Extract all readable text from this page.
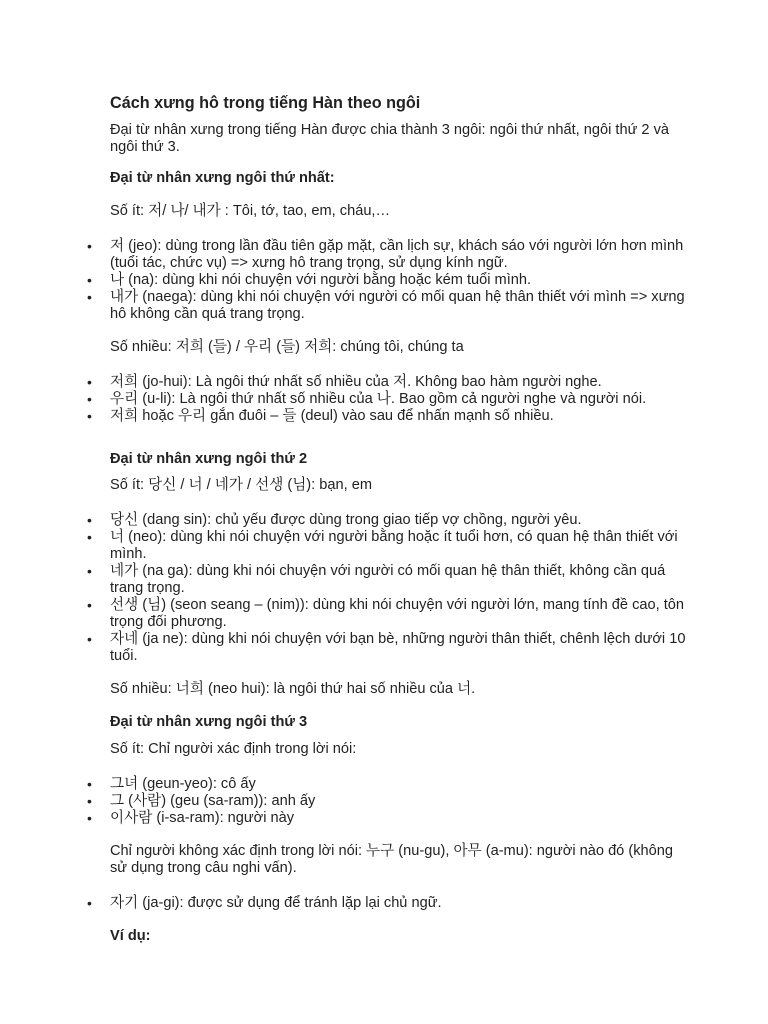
Cách xưng hô trong tiếng Hàn theo ngôi

Đại từ nhân xưng trong tiếng Hàn được chia thành 3 ngôi: ngôi thứ nhất, ngôi thứ 2 và ngôi thứ 3.

Đại từ nhân xưng ngôi thứ nhất:

Số ít: 저/ 나/ 내가 : Tôi, tớ, tao, em, cháu,…

• 저 (jeo): dùng trong lần đầu tiên gặp mặt, cần lịch sự, khách sáo với người lớn hơn mình (tuổi tác, chức vụ) => xưng hô trang trọng, sử dụng kính ngữ.
• 나 (na): dùng khi nói chuyện với người bằng hoặc kém tuổi mình.
• 내가 (naega): dùng khi nói chuyện với người có mối quan hệ thân thiết với mình => xưng hô không cần quá trang trọng.

Số nhiều: 저희 (들) / 우리 (들) 저희: chúng tôi, chúng ta

• 저희 (jo-hui): Là ngôi thứ nhất số nhiều của 저. Không bao hàm người nghe.
• 우리 (u-li): Là ngôi thứ nhất số nhiều của 나. Bao gồm cả người nghe và người nói.
• 저희 hoặc 우리 gắn đuôi – 들 (deul) vào sau để nhấn mạnh số nhiều.

Đại từ nhân xưng ngôi thứ 2

Số ít: 당신 / 너 / 네가 / 선생 (님): bạn, em

• 당신 (dang sin): chủ yếu được dùng trong giao tiếp vợ chồng, người yêu.
• 너 (neo): dùng khi nói chuyện với người bằng hoặc ít tuổi hơn, có quan hệ thân thiết với mình.
• 네가 (na ga): dùng khi nói chuyện với người có mối quan hệ thân thiết, không cần quá trang trọng.
• 선생 (님) (seon seang – (nim)): dùng khi nói chuyện với người lớn, mang tính đề cao, tôn trọng đối phương.
• 자네 (ja ne): dùng khi nói chuyện với bạn bè, những người thân thiết, chênh lệch dưới 10 tuổi.

Số nhiều: 너희 (neo hui): là ngôi thứ hai số nhiều của 너.

Đại từ nhân xưng ngôi thứ 3

Số ít: Chỉ người xác định trong lời nói:

• 그녀 (geun-yeo): cô ấy
• 그 (사람) (geu (sa-ram)): anh ấy
• 이사람 (i-sa-ram): người này

Chỉ người không xác định trong lời nói: 누구 (nu-gu), 아무 (a-mu): người nào đó (không sử dụng trong câu nghi vấn).

• 자기 (ja-gi): được sử dụng để tránh lặp lại chủ ngữ.

Ví dụ:
